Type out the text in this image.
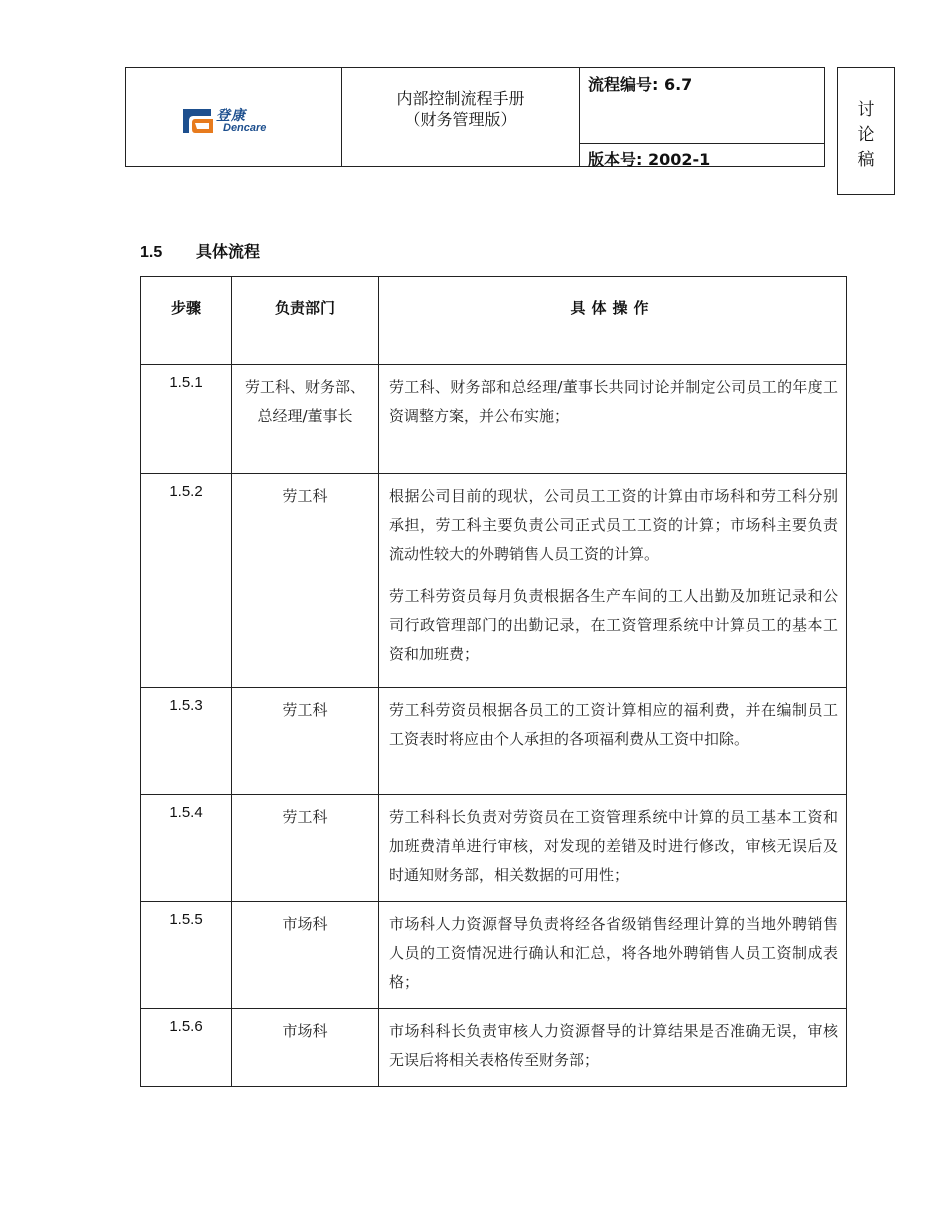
登康
Dencare
内部控制流程手册
（财务管理版）
流程编号: 6.7
版本号: 2002-1
讨
论
稿
1.5 具体流程
步骤	负责部门	具体操作
1.5.1	劳工科、财务部、总经理/董事长	劳工科、财务部和总经理/董事长共同讨论并制定公司员工的年度工资调整方案，并公布实施；

1.5.2	劳工科	根据公司目前的现状，公司员工工资的计算由市场科和劳工科分别承担，劳工科主要负责公司正式员工工资的计算；市场科主要负责流动性较大的外聘销售人员工资的计算。

劳工科劳资员每月负责根据各生产车间的工人出勤及加班记录和公司行政管理部门的出勤记录，在工资管理系统中计算员工的基本工资和加班费；

1.5.3	劳工科	劳工科劳资员根据各员工的工资计算相应的福利费，并在编制员工工资表时将应由个人承担的各项福利费从工资中扣除。

1.5.4	劳工科	劳工科科长负责对劳资员在工资管理系统中计算的员工基本工资和加班费清单进行审核，对发现的差错及时进行修改，审核无误后及时通知财务部，相关数据的可用性；

1.5.5	市场科	市场科人力资源督导负责将经各省级销售经理计算的当地外聘销售人员的工资情况进行确认和汇总，将各地外聘销售人员工资制成表格；

1.5.6	市场科	市场科科长负责审核人力资源督导的计算结果是否准确无误，审核无误后将相关表格传至财务部；
